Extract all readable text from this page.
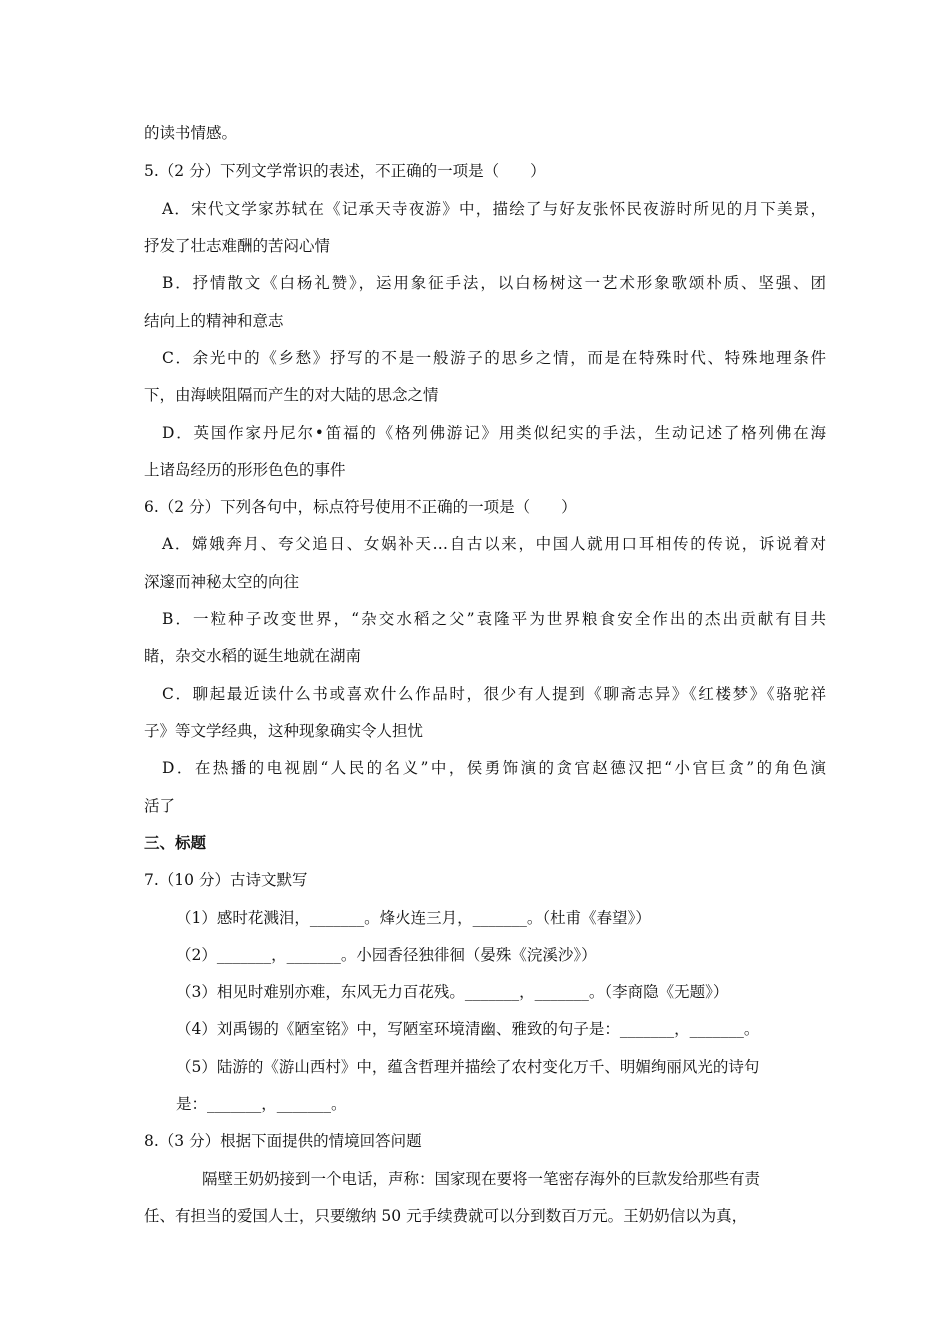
的读书情感。
5.（2 分）下列文学常识的表述，不正确的一项是（　　）
A．宋代文学家苏轼在《记承天寺夜游》中，描绘了与好友张怀民夜游时所见的月下美景，
抒发了壮志难酬的苦闷心情
B．抒情散文《白杨礼赞》，运用象征手法，以白杨树这一艺术形象歌颂朴质、坚强、团
结向上的精神和意志
C．余光中的《乡愁》抒写的不是一般游子的思乡之情，而是在特殊时代、特殊地理条件
下，由海峡阻隔而产生的对大陆的思念之情
D．英国作家丹尼尔•笛福的《格列佛游记》用类似纪实的手法，生动记述了格列佛在海
上诸岛经历的形形色色的事件
6.（2 分）下列各句中，标点符号使用不正确的一项是（　　）
A．嫦娥奔月、夸父追日、女娲补天…自古以来，中国人就用口耳相传的传说，诉说着对
深邃而神秘太空的向往
B．一粒种子改变世界，“杂交水稻之父”袁隆平为世界粮食安全作出的杰出贡献有目共
睹，杂交水稻的诞生地就在湖南
C．聊起最近读什么书或喜欢什么作品时，很少有人提到《聊斋志异》《红楼梦》《骆驼祥
子》等文学经典，这种现象确实令人担忧
D．在热播的电视剧“人民的名义”中，侯勇饰演的贪官赵德汉把“小官巨贪”的角色演
活了
三、标题
7.（10 分）古诗文默写
（1）感时花溅泪，_______。烽火连三月，_______。（杜甫《春望》）
（2）_______，_______。小园香径独徘徊（晏殊《浣溪沙》）
（3）相见时难别亦难，东风无力百花残。_______，_______。（李商隐《无题》）
（4）刘禹锡的《陋室铭》中，写陋室环境清幽、雅致的句子是：_______，_______。
（5）陆游的《游山西村》中，蕴含哲理并描绘了农村变化万千、明媚绚丽风光的诗句
是：_______，_______。
8.（3 分）根据下面提供的情境回答问题
隔壁王奶奶接到一个电话，声称：国家现在要将一笔密存海外的巨款发给那些有责
任、有担当的爱国人士，只要缴纳 50 元手续费就可以分到数百万元。王奶奶信以为真，
